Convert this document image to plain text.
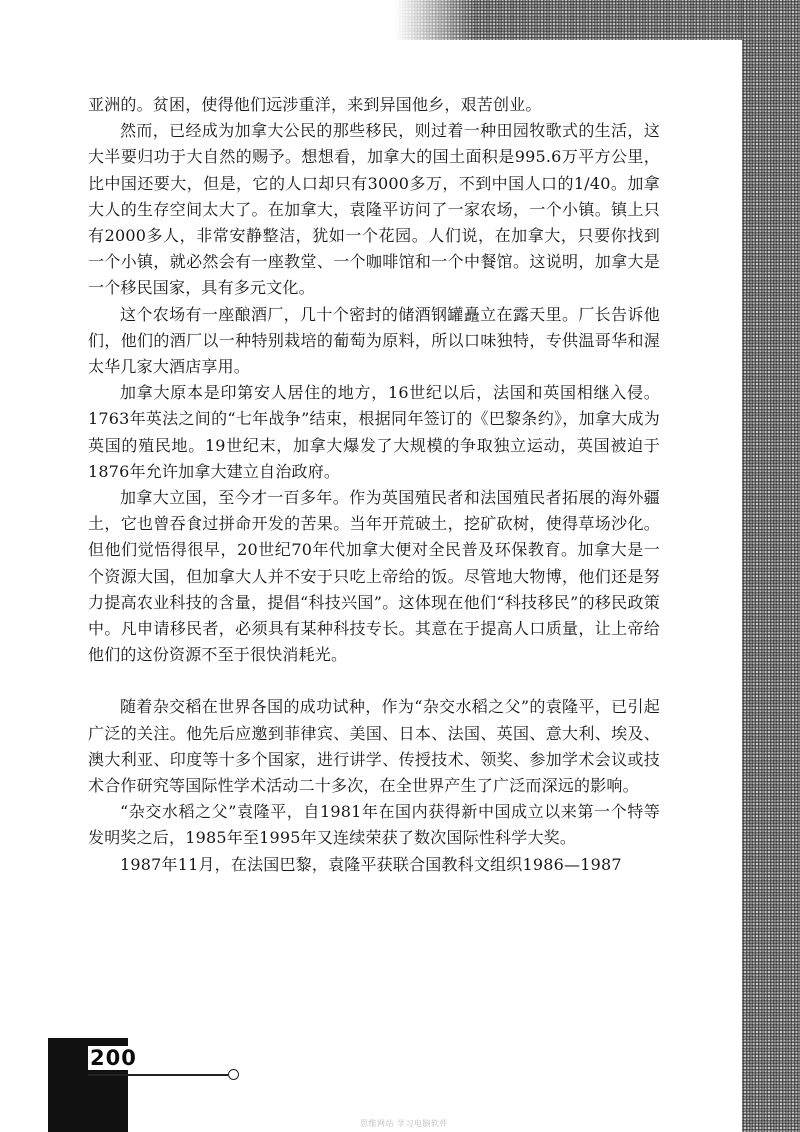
亚洲的。贫困，使得他们远涉重洋，来到异国他乡，艰苦创业。

然而，已经成为加拿大公民的那些移民，则过着一种田园牧歌式的生活，这大半要归功于大自然的赐予。想想看，加拿大的国土面积是995.6万平方公里，比中国还要大，但是，它的人口却只有3000多万，不到中国人口的1/40。加拿大人的生存空间太大了。在加拿大，袁隆平访问了一家农场，一个小镇。镇上只有2000多人，非常安静整洁，犹如一个花园。人们说，在加拿大，只要你找到一个小镇，就必然会有一座教堂、一个咖啡馆和一个中餐馆。这说明，加拿大是一个移民国家，具有多元文化。

这个农场有一座酿酒厂，几十个密封的储酒钢罐矗立在露天里。厂长告诉他们，他们的酒厂以一种特别栽培的葡萄为原料，所以口味独特，专供温哥华和渥太华几家大酒店享用。

加拿大原本是印第安人居住的地方，16世纪以后，法国和英国相继入侵。1763年英法之间的“七年战争”结束，根据同年签订的《巴黎条约》，加拿大成为英国的殖民地。19世纪末，加拿大爆发了大规模的争取独立运动，英国被迫于1876年允许加拿大建立自治政府。

加拿大立国，至今才一百多年。作为英国殖民者和法国殖民者拓展的海外疆土，它也曾吞食过拼命开发的苦果。当年开荒破土，挖矿砍树，使得草场沙化。但他们觉悟得很早，20世纪70年代加拿大便对全民普及环保教育。加拿大是一个资源大国，但加拿大人并不安于只吃上帝给的饭。尽管地大物博，他们还是努力提高农业科技的含量，提倡“科技兴国”。这体现在他们“科技移民”的移民政策中。凡申请移民者，必须具有某种科技专长。其意在于提高人口质量，让上帝给他们的这份资源不至于很快消耗光。

随着杂交稻在世界各国的成功试种，作为“杂交水稻之父”的袁隆平，已引起广泛的关注。他先后应邀到菲律宾、美国、日本、法国、英国、意大利、埃及、澳大利亚、印度等十多个国家，进行讲学、传授技术、领奖、参加学术会议或技术合作研究等国际性学术活动二十多次，在全世界产生了广泛而深远的影响。

“杂交水稻之父”袁隆平，自1981年在国内获得新中国成立以来第一个特等发明奖之后，1985年至1995年又连续荣获了数次国际性科学大奖。

1987年11月，在法国巴黎，袁隆平获联合国教科文组织1986—1987

200
思维网站 学习电脑软件
